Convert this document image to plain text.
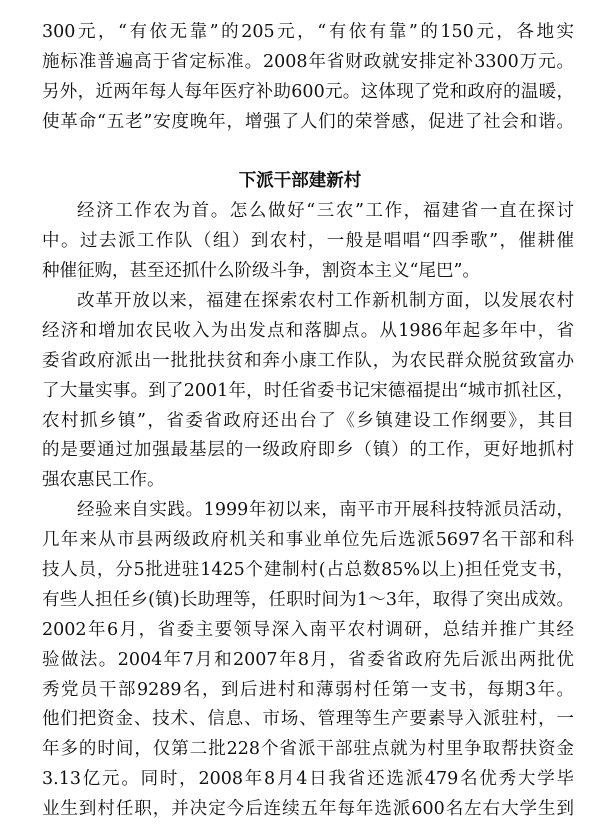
300元，“有依无靠”的205元，“有依有靠”的150元，各地实
施标准普遍高于省定标准。2008年省财政就安排定补3300万元。
另外，近两年每人每年医疗补助600元。这体现了党和政府的温暖，
使革命“五老”安度晚年，增强了人们的荣誉感，促进了社会和谐。
下派干部建新村
经济工作农为首。怎么做好“三农”工作，福建省一直在探讨
中。过去派工作队（组）到农村，一般是唱唱“四季歌”，催耕催
种催征购，甚至还抓什么阶级斗争，割资本主义“尾巴”。
改革开放以来，福建在探索农村工作新机制方面，以发展农村
经济和增加农民收入为出发点和落脚点。从1986年起多年中，省
委省政府派出一批批扶贫和奔小康工作队，为农民群众脱贫致富办
了大量实事。到了2001年，时任省委书记宋德福提出“城市抓社区，
农村抓乡镇”，省委省政府还出台了《乡镇建设工作纲要》，其目
的是要通过加强最基层的一级政府即乡（镇）的工作，更好地抓村
强农惠民工作。
经验来自实践。1999年初以来，南平市开展科技特派员活动，
几年来从市县两级政府机关和事业单位先后选派5697名干部和科
技人员，分5批进驻1425个建制村(占总数85%以上)担任党支书，
有些人担任乡(镇)长助理等，任职时间为1～3年，取得了突出成效。
2002年6月，省委主要领导深入南平农村调研，总结并推广其经
验做法。2004年7月和2007年8月，省委省政府先后派出两批优
秀党员干部9289名，到后进村和薄弱村任第一支书，每期3年。
他们把资金、技术、信息、市场、管理等生产要素导入派驻村，一
年多的时间，仅第二批228个省派干部驻点就为村里争取帮扶资金
3.13亿元。同时，2008年8月4日我省还选派479名优秀大学毕
业生到村任职，并决定今后连续五年每年选派600名左右大学生到
